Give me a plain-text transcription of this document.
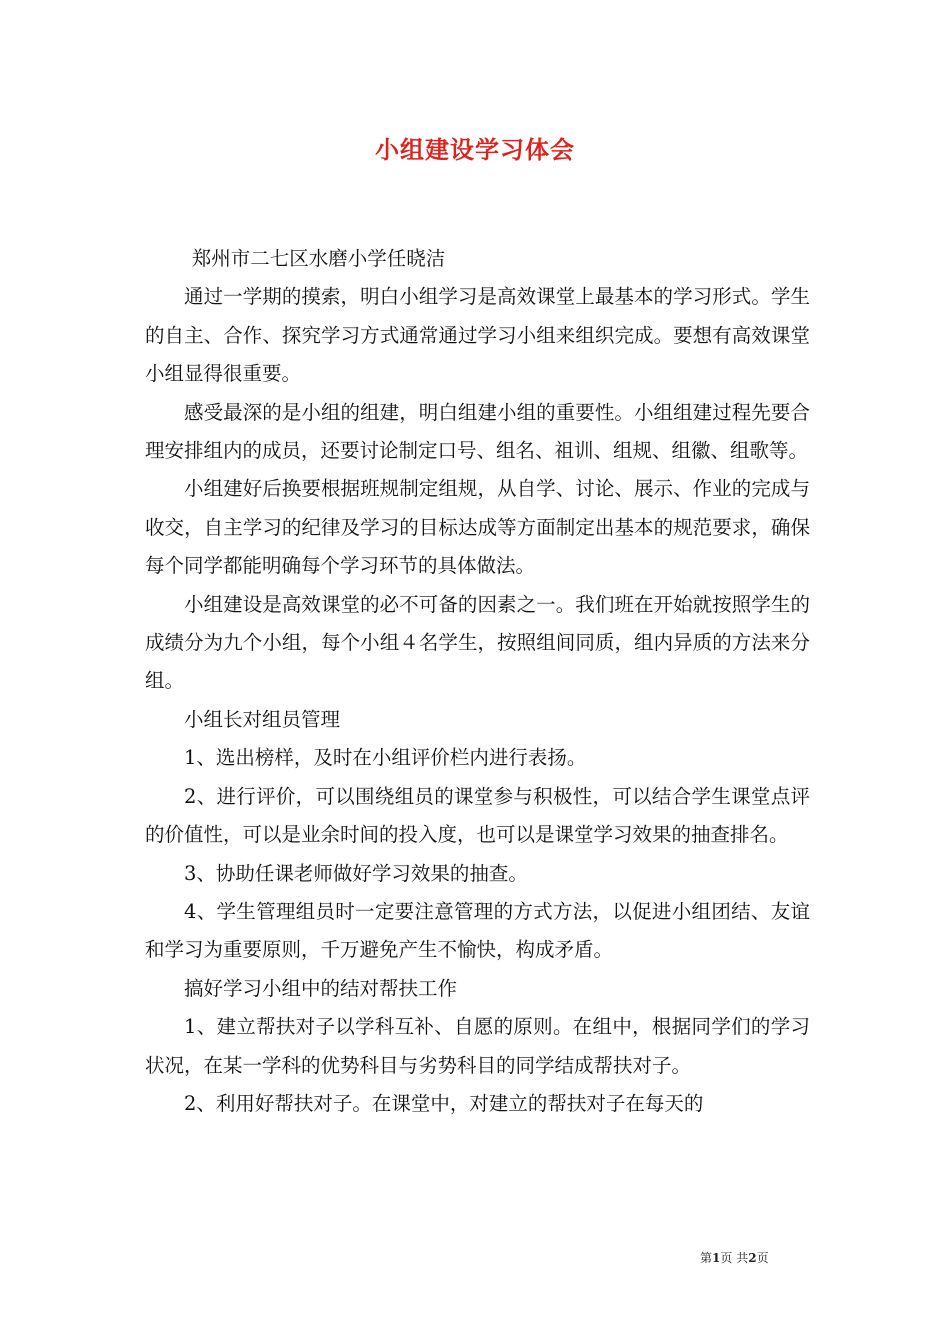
小组建设学习体会

郑州市二七区水磨小学任晓洁

通过一学期的摸索，明白小组学习是高效课堂上最基本的学习形式。学生的自主、合作、探究学习方式通常通过学习小组来组织完成。要想有高效课堂小组显得很重要。

感受最深的是小组的组建，明白组建小组的重要性。小组组建过程先要合理安排组内的成员，还要讨论制定口号、组名、祖训、组规、组徽、组歌等。

小组建好后换要根据班规制定组规，从自学、讨论、展示、作业的完成与收交，自主学习的纪律及学习的目标达成等方面制定出基本的规范要求，确保每个同学都能明确每个学习环节的具体做法。

小组建设是高效课堂的必不可备的因素之一。我们班在开始就按照学生的成绩分为九个小组，每个小组４名学生，按照组间同质，组内异质的方法来分组。

小组长对组员管理

1、选出榜样，及时在小组评价栏内进行表扬。

2、进行评价，可以围绕组员的课堂参与积极性，可以结合学生课堂点评的价值性，可以是业余时间的投入度，也可以是课堂学习效果的抽查排名。

3、协助任课老师做好学习效果的抽查。

4、学生管理组员时一定要注意管理的方式方法，以促进小组团结、友谊和学习为重要原则，千万避免产生不愉快，构成矛盾。

搞好学习小组中的结对帮扶工作

1、建立帮扶对子以学科互补、自愿的原则。在组中，根据同学们的学习状况，在某一学科的优势科目与劣势科目的同学结成帮扶对子。

2、利用好帮扶对子。在课堂中，对建立的帮扶对子在每天的

第1页 共2页
